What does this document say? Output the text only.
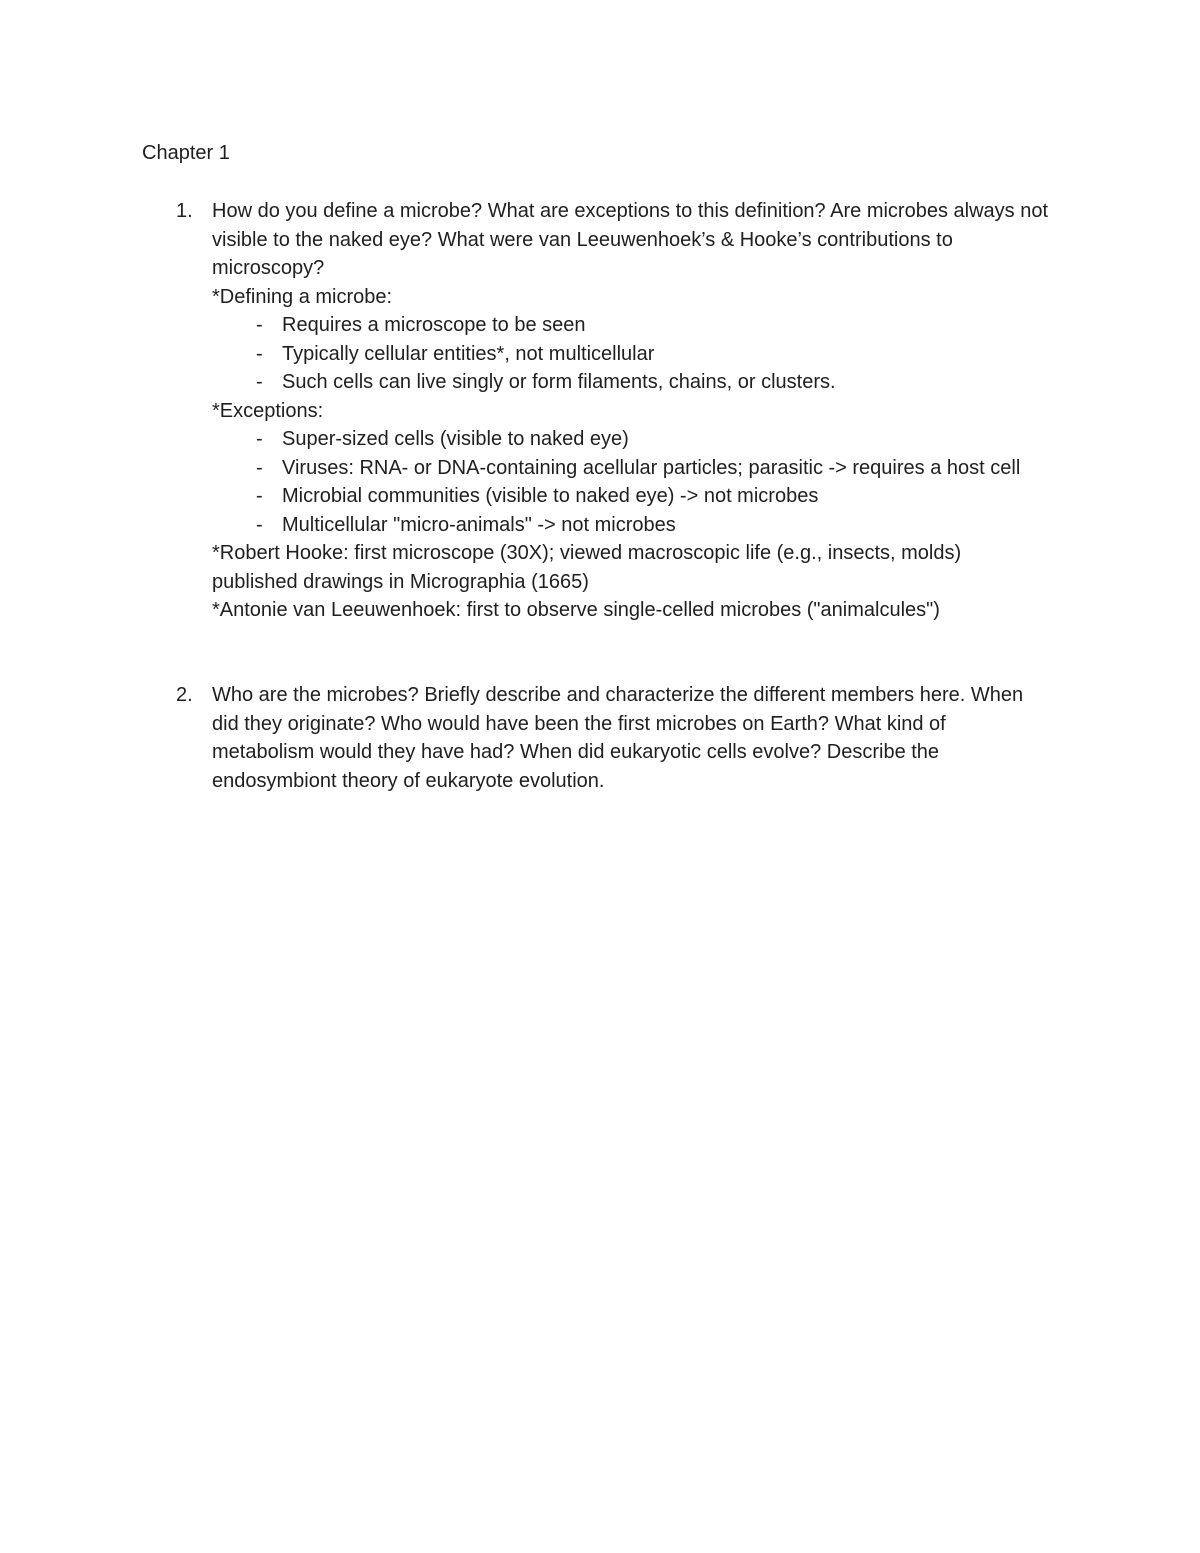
Chapter 1
1. How do you define a microbe? What are exceptions to this definition? Are microbes always not visible to the naked eye? What were van Leeuwenhoek’s & Hooke’s contributions to microscopy?
*Defining a microbe:
- Requires a microscope to be seen
- Typically cellular entities*, not multicellular
- Such cells can live singly or form filaments, chains, or clusters.
*Exceptions:
- Super-sized cells (visible to naked eye)
- Viruses: RNA- or DNA-containing acellular particles; parasitic -> requires a host cell
- Microbial communities (visible to naked eye) -> not microbes
- Multicellular "micro-animals" -> not microbes
*Robert Hooke: first microscope (30X); viewed macroscopic life (e.g., insects, molds) published drawings in Micrographia (1665)
*Antonie van Leeuwenhoek: first to observe single-celled microbes ("animalcules")
2. Who are the microbes? Briefly describe and characterize the different members here. When did they originate? Who would have been the first microbes on Earth? What kind of metabolism would they have had? When did eukaryotic cells evolve? Describe the endosymbiont theory of eukaryote evolution.
